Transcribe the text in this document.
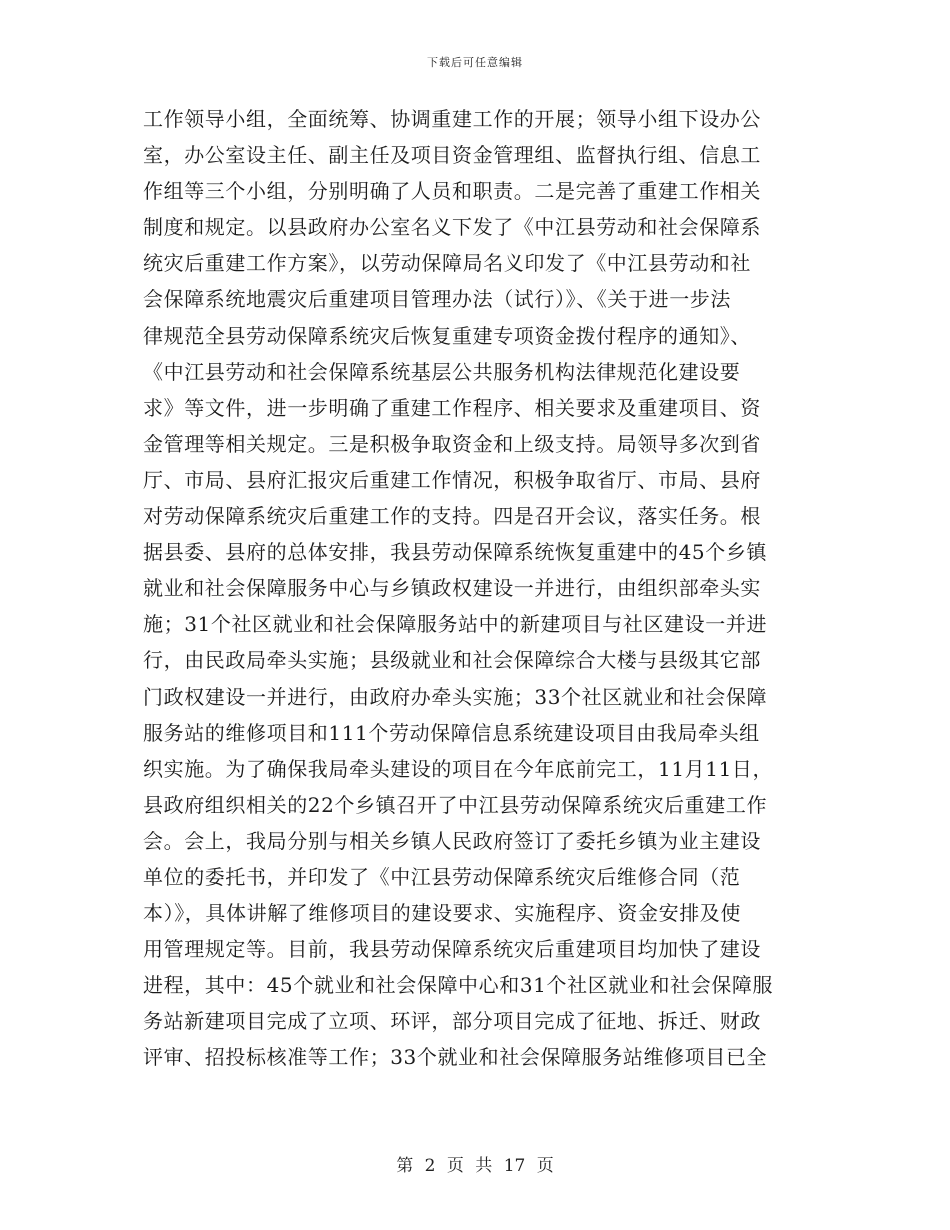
下载后可任意编辑
工作领导小组，全面统筹、协调重建工作的开展；领导小组下设办公
室，办公室设主任、副主任及项目资金管理组、监督执行组、信息工
作组等三个小组，分别明确了人员和职责。二是完善了重建工作相关
制度和规定。以县政府办公室名义下发了《中江县劳动和社会保障系
统灾后重建工作方案》，以劳动保障局名义印发了《中江县劳动和社
会保障系统地震灾后重建项目管理办法（试行）》、《关于进一步法
律规范全县劳动保障系统灾后恢复重建专项资金拨付程序的通知》、
《中江县劳动和社会保障系统基层公共服务机构法律规范化建设要
求》等文件，进一步明确了重建工作程序、相关要求及重建项目、资
金管理等相关规定。三是积极争取资金和上级支持。局领导多次到省
厅、市局、县府汇报灾后重建工作情况，积极争取省厅、市局、县府
对劳动保障系统灾后重建工作的支持。四是召开会议，落实任务。根
据县委、县府的总体安排，我县劳动保障系统恢复重建中的45个乡镇
就业和社会保障服务中心与乡镇政权建设一并进行，由组织部牵头实
施；31个社区就业和社会保障服务站中的新建项目与社区建设一并进
行，由民政局牵头实施；县级就业和社会保障综合大楼与县级其它部
门政权建设一并进行，由政府办牵头实施；33个社区就业和社会保障
服务站的维修项目和111个劳动保障信息系统建设项目由我局牵头组
织实施。为了确保我局牵头建设的项目在今年底前完工，11月11日，
县政府组织相关的22个乡镇召开了中江县劳动保障系统灾后重建工作
会。会上，我局分别与相关乡镇人民政府签订了委托乡镇为业主建设
单位的委托书，并印发了《中江县劳动保障系统灾后维修合同（范
本）》，具体讲解了维修项目的建设要求、实施程序、资金安排及使
用管理规定等。目前，我县劳动保障系统灾后重建项目均加快了建设
进程，其中：45个就业和社会保障中心和31个社区就业和社会保障服
务站新建项目完成了立项、环评，部分项目完成了征地、拆迁、财政
评审、招投标核准等工作；33个就业和社会保障服务站维修项目已全
第 2 页 共 17 页
